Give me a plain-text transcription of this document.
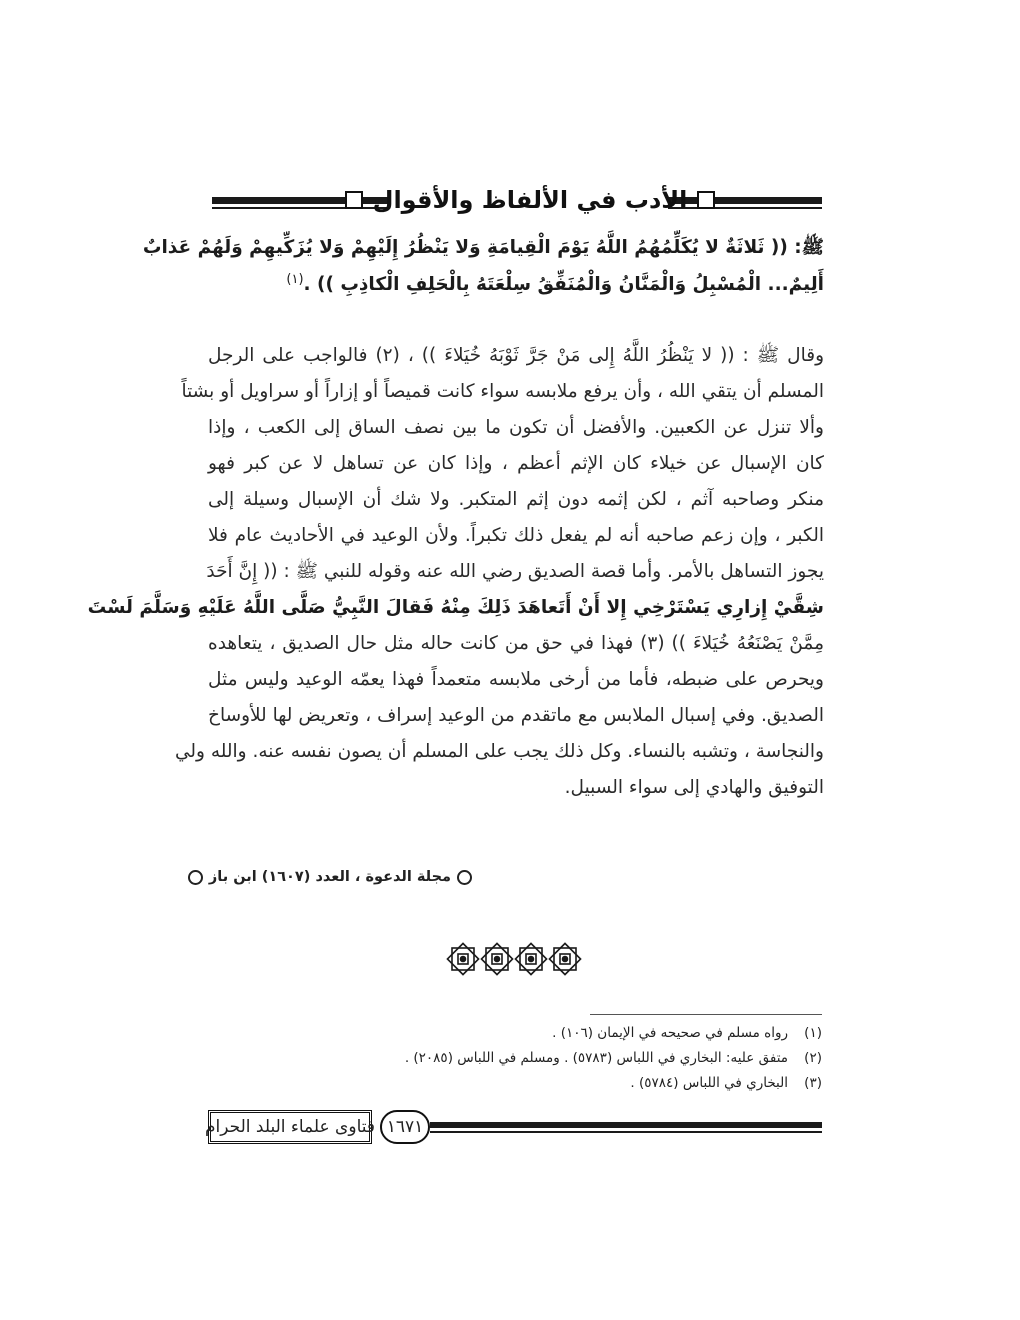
الأدب في الألفاظ والأقوال
ﷺ: (( ثَلاثَةٌ لا يُكَلِّمُهُمُ اللَّهُ يَوْمَ الْقِيامَةِ وَلا يَنْظُرُ إِلَيْهِمْ وَلا يُزَكِّيهِمْ وَلَهُمْ عَذابٌ
أَلِيمٌ... الْمُسْبِلُ وَالْمَنَّانُ وَالْمُنَفِّقُ سِلْعَتَهُ بِالْحَلِفِ الْكاذِبِ )) .$^{(١)}$
وقال ﷺ : (( لا يَنْظُرُ اللَّهُ إِلى مَنْ جَرَّ ثَوْبَهُ خُيَلاءَ )) ، (٢) فالواجب على الرجل
المسلم أن يتقي الله ، وأن يرفع ملابسه سواء كانت قميصاً أو إزاراً أو سراويل أو بشتاً
وألا تنزل عن الكعبين. والأفضل أن تكون ما بين نصف الساق إلى الكعب ، وإذا
كان الإسبال عن خيلاء كان الإثم أعظم ، وإذا كان عن تساهل لا عن كبر فهو
منكر وصاحبه آثم ، لكن إثمه دون إثم المتكبر. ولا شك أن الإسبال وسيلة إلى
الكبر ، وإن زعم صاحبه أنه لم يفعل ذلك تكبراً. ولأن الوعيد في الأحاديث عام فلا
يجوز التساهل بالأمر. وأما قصة الصديق رضي الله عنه وقوله للنبي ﷺ : (( إِنَّ أَحَدَ
شِقَّيْ إِزارِي يَسْتَرْخِي إِلا أَنْ أَتَعاهَدَ ذَلِكَ مِنْهُ فَقالَ النَّبِيُّ صَلَّى اللَّهُ عَلَيْهِ وَسَلَّمَ لَسْتَ
مِمَّنْ يَصْنَعُهُ خُيَلاءَ )) (٣) فهذا في حق من كانت حاله مثل حال الصديق ، يتعاهده
ويحرص على ضبطه، فأما من أرخى ملابسه متعمداً فهذا يعمّه الوعيد وليس مثل
الصديق. وفي إسبال الملابس مع ماتقدم من الوعيد إسراف ، وتعريض لها للأوساخ
والنجاسة ، وتشبه بالنساء. وكل ذلك يجب على المسلم أن يصون نفسه عنه. والله ولي
التوفيق والهادي إلى سواء السبيل.
مجلة الدعوة ، العدد (١٦٠٧) ابن باز
(١)رواه مسلم في صحيحه في الإيمان (١٠٦) .
(٢)متفق عليه: البخاري في اللباس (٥٧٨٣) . ومسلم في اللباس (٢٠٨٥) .
(٣)البخاري في اللباس (٥٧٨٤) .
١٦٧١
فتاوى علماء البلد الحرام
